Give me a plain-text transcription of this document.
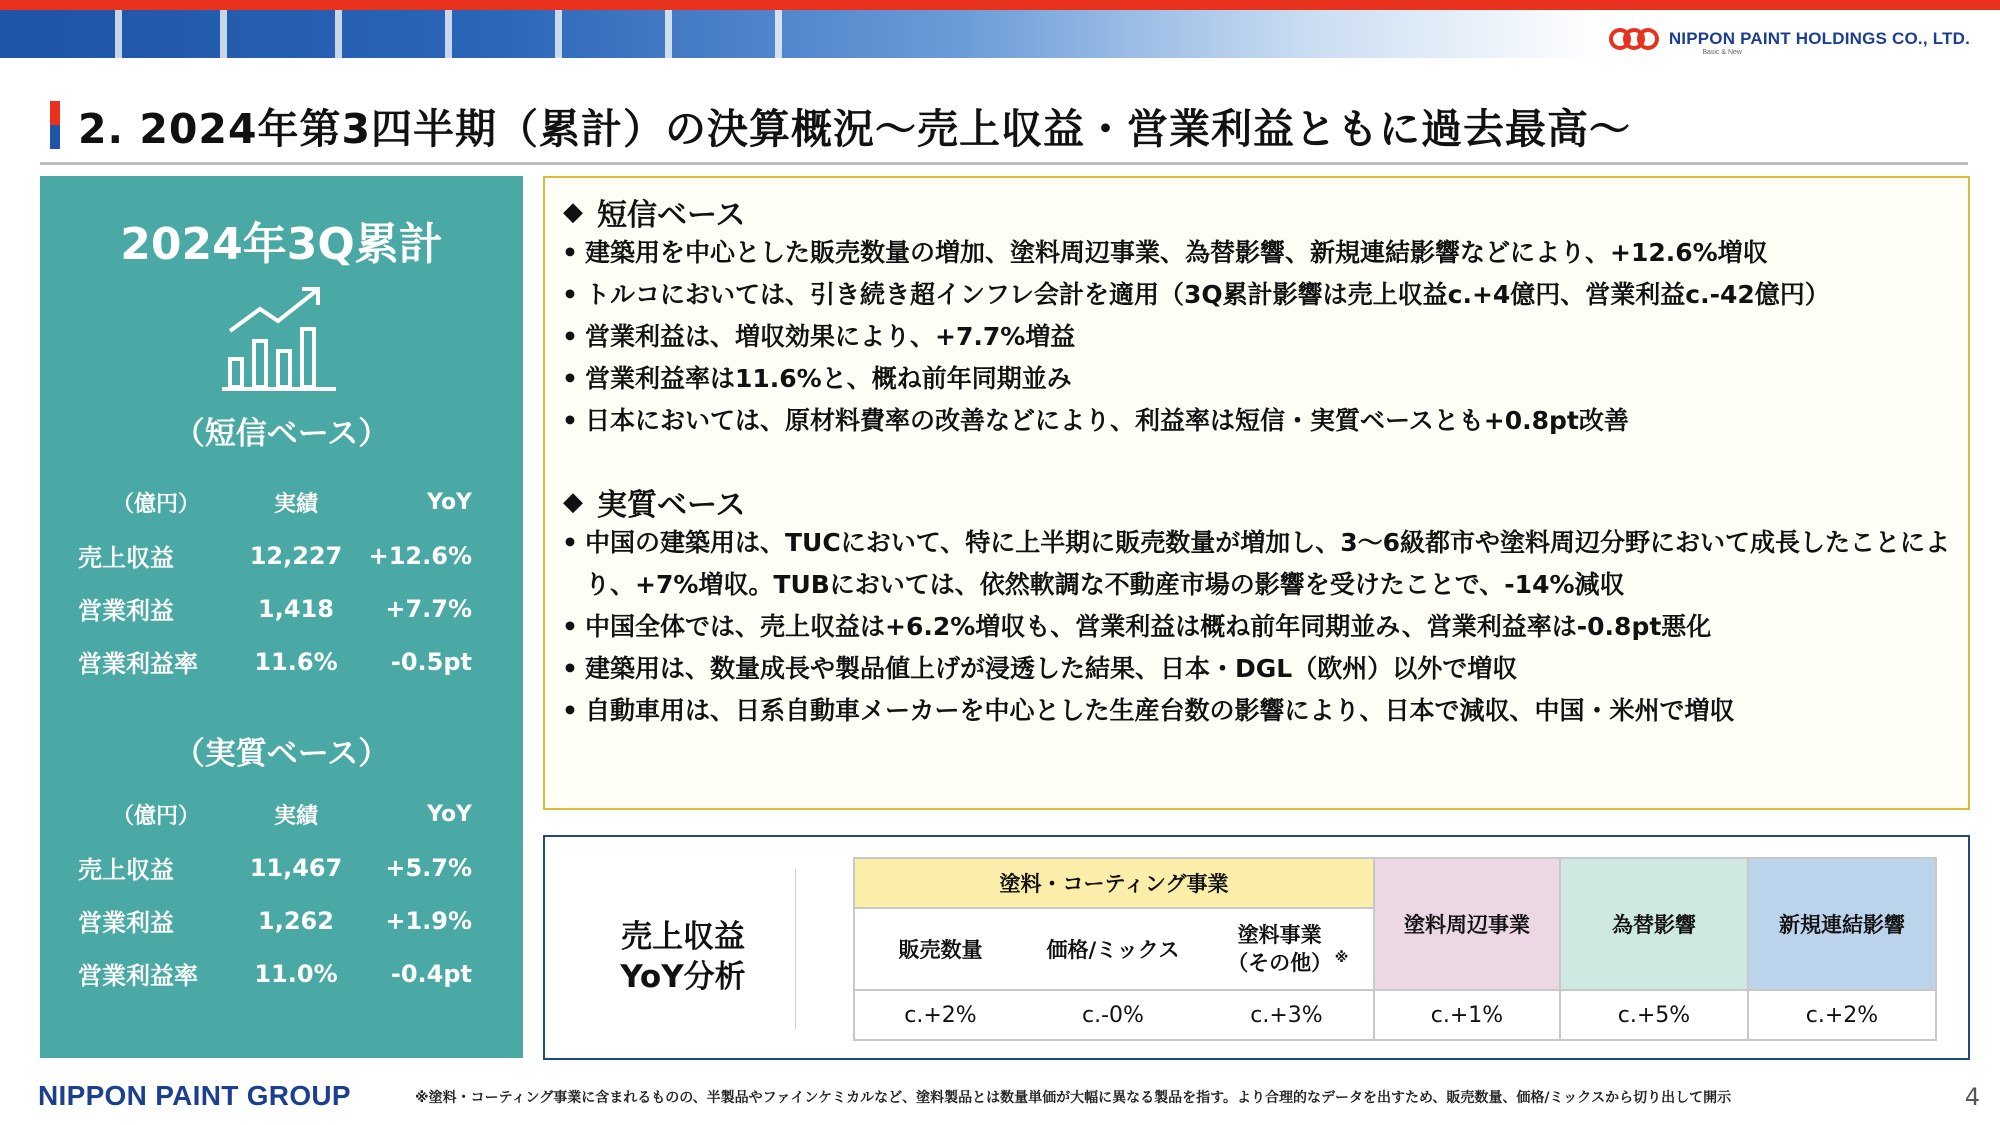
NIPPON PAINT HOLDINGS CO., LTD.
Basic & New
2. 2024年第3四半期（累計）の決算概況～売上収益・営業利益ともに過去最高～
2024年3Q累計
（短信ベース）
（億円）	実績	YoY
売上収益	12,227	+12.6%
営業利益	1,418	+7.7%
営業利益率	11.6%	-0.5pt
（実質ベース）
（億円）	実績	YoY
売上収益	11,467	+5.7%
営業利益	1,262	+1.9%
営業利益率	11.0%	-0.4pt
◆ 短信ベース
• 建築用を中心とした販売数量の増加、塗料周辺事業、為替影響、新規連結影響などにより、+12.6%増収
• トルコにおいては、引き続き超インフレ会計を適用（3Q累計影響は売上収益c.+4億円、営業利益c.-42億円）
• 営業利益は、増収効果により、+7.7%増益
• 営業利益率は11.6%と、概ね前年同期並み
• 日本においては、原材料費率の改善などにより、利益率は短信・実質ベースとも+0.8pt改善
◆ 実質ベース
• 中国の建築用は、TUCにおいて、特に上半期に販売数量が増加し、3～6級都市や塗料周辺分野において成長したことにより、+7%増収。TUBにおいては、依然軟調な不動産市場の影響を受けたことで、-14%減収
• 中国全体では、売上収益は+6.2%増収も、営業利益は概ね前年同期並み、営業利益率は-0.8pt悪化
• 建築用は、数量成長や製品値上げが浸透した結果、日本・DGL（欧州）以外で増収
• 自動車用は、日系自動車メーカーを中心とした生産台数の影響により、日本で減収、中国・米州で増収
売上収益
YoY分析
塗料・コーティング事業			塗料周辺事業	為替影響	新規連結影響
販売数量	価格/ミックス	塗料事業（その他） ※
c.+2%	c.-0%	c.+3%	c.+1%	c.+5%	c.+2%
NIPPON PAINT GROUP	※塗料・コーティング事業に含まれるものの、半製品やファインケミカルなど、塗料製品とは数量単価が大幅に異なる製品を指す。より合理的なデータを出すため、販売数量、価格/ミックスから切り出して開示	4
